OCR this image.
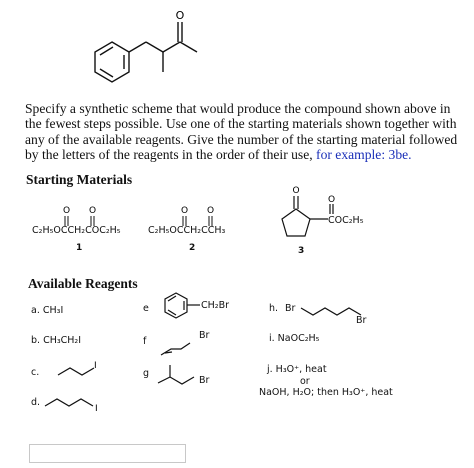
O
Specify a synthetic scheme that would produce the compound shown above in the fewest steps possible. Use one of the starting materials shown together with any of the available reagents. Give the number of the starting material followed by the letters of the reagents in the order of their use, for example: 3be.
Starting Materials
C₂H₅OCCH₂COC₂H₅
O O
1
C₂H₅OCCH₂CCH₃
O O
2
O
O
COC₂H₅
3
Available Reagents
a. CH₃I
b. CH₃CH₂I
c.
I
I
d.
e	CH₂Br
f
Br
g
Br
h. Br
Br
i. NaOC₂H₅
j. H₃O⁺, heat
or
NaOH, H₂O; then H₃O⁺, heat
